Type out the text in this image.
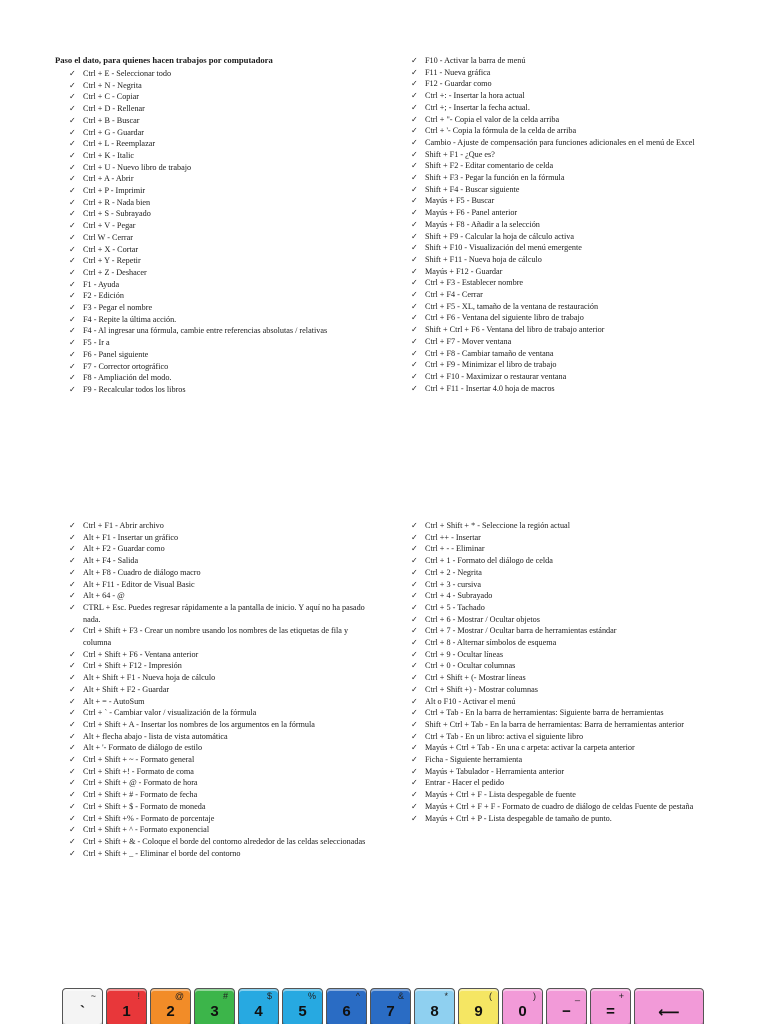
Paso el dato, para quienes hacen trabajos por computadora
✓ Ctrl + E - Seleccionar todo
✓ Ctrl + N - Negrita
✓ Ctrl + C - Copiar
✓ Ctrl + D - Rellenar
✓ Ctrl + B - Buscar
✓ Ctrl + G - Guardar
✓ Ctrl + L - Reemplazar
✓ Ctrl + K - Italic
✓ Ctrl + U - Nuevo libro de trabajo
✓ Ctrl + A - Abrir
✓ Ctrl + P - Imprimir
✓ Ctrl + R - Nada bien
✓ Ctrl + S - Subrayado
✓ Ctrl + V - Pegar
✓ Ctrl W - Cerrar
✓ Ctrl + X - Cortar
✓ Ctrl + Y - Repetir
✓ Ctrl + Z - Deshacer
✓ F1 - Ayuda
✓ F2 - Edición
✓ F3 - Pegar el nombre
✓ F4 - Repite la última acción.
✓ F4 - Al ingresar una fórmula, cambie entre referencias absolutas / relativas
✓ F5 - Ir a
✓ F6 - Panel siguiente
✓ F7 - Corrector ortográfico
✓ F8 - Ampliación del modo.
✓ F9 - Recalcular todos los libros
✓ F10 - Activar la barra de menú
✓ F11 - Nueva gráfica
✓ F12 - Guardar como
✓ Ctrl +: - Insertar la hora actual
✓ Ctrl +; - Insertar la fecha actual.
✓ Ctrl + "- Copia el valor de la celda arriba
✓ Ctrl + '- Copia la fórmula de la celda de arriba
✓ Cambio - Ajuste de compensación para funciones adicionales en el menú de Excel
✓ Shift + F1 - ¿Que es?
✓ Shift + F2 - Editar comentario de celda
✓ Shift + F3 - Pegar la función en la fórmula
✓ Shift + F4 - Buscar siguiente
✓ Mayús + F5 - Buscar
✓ Mayús + F6 - Panel anterior
✓ Mayús + F8 - Añadir a la selección
✓ Shift + F9 - Calcular la hoja de cálculo activa
✓ Shift + F10 - Visualización del menú emergente
✓ Shift + F11 - Nueva hoja de cálculo
✓ Mayús + F12 - Guardar
✓ Ctrl + F3 - Establecer nombre
✓ Ctrl + F4 - Cerrar
✓ Ctrl + F5 - XL, tamaño de la ventana de restauración
✓ Ctrl + F6 - Ventana del siguiente libro de trabajo
✓ Shift + Ctrl + F6 - Ventana del libro de trabajo anterior
✓ Ctrl + F7 - Mover ventana
✓ Ctrl + F8 - Cambiar tamaño de ventana
✓ Ctrl + F9 - Minimizar el libro de trabajo
✓ Ctrl + F10 - Maximizar o restaurar ventana
✓ Ctrl + F11 - Insertar 4.0 hoja de macros
✓ Ctrl + F1 - Abrir archivo
✓ Alt + F1 - Insertar un gráfico
✓ Alt + F2 - Guardar como
✓ Alt + F4 - Salida
✓ Alt + F8 - Cuadro de diálogo macro
✓ Alt + F11 - Editor de Visual Basic
✓ Alt + 64 - @
✓ CTRL + Esc. Puedes regresar rápidamente a la pantalla de inicio. Y aquí no ha pasado nada.
✓ Ctrl + Shift + F3 - Crear un nombre usando los nombres de las etiquetas de fila y columna
✓ Ctrl + Shift + F6 - Ventana anterior
✓ Ctrl + Shift + F12 - Impresión
✓ Alt + Shift + F1 - Nueva hoja de cálculo
✓ Alt + Shift + F2 - Guardar
✓ Alt + = - AutoSum
✓ Ctrl + ` - Cambiar valor / visualización de la fórmula
✓ Ctrl + Shift + A - Insertar los nombres de los argumentos en la fórmula
✓ Alt + flecha abajo - lista de vista automática
✓ Alt + '- Formato de diálogo de estilo
✓ Ctrl + Shift + ~ - Formato general
✓ Ctrl + Shift +! - Formato de coma
✓ Ctrl + Shift + @ - Formato de hora
✓ Ctrl + Shift + # - Formato de fecha
✓ Ctrl + Shift + $ - Formato de moneda
✓ Ctrl + Shift +% - Formato de porcentaje
✓ Ctrl + Shift + ^ - Formato exponencial
✓ Ctrl + Shift + & - Coloque el borde del contorno alrededor de las celdas seleccionadas
✓ Ctrl + Shift + _ - Eliminar el borde del contorno
✓ Ctrl + Shift + * - Seleccione la región actual
✓ Ctrl ++ - Insertar
✓ Ctrl + - - Eliminar
✓ Ctrl + 1 - Formato del diálogo de celda
✓ Ctrl + 2 - Negrita
✓ Ctrl + 3 - cursiva
✓ Ctrl + 4 - Subrayado
✓ Ctrl + 5 - Tachado
✓ Ctrl + 6 - Mostrar / Ocultar objetos
✓ Ctrl + 7 - Mostrar / Ocultar barra de herramientas estándar
✓ Ctrl + 8 - Alternar símbolos de esquema
✓ Ctrl + 9 - Ocultar líneas
✓ Ctrl + 0 - Ocultar columnas
✓ Ctrl + Shift + (- Mostrar líneas
✓ Ctrl + Shift +) - Mostrar columnas
✓ Alt o F10 - Activar el menú
✓ Ctrl + Tab - En la barra de herramientas: Siguiente barra de herramientas
✓ Shift + Ctrl + Tab - En la barra de herramientas: Barra de herramientas anterior
✓ Ctrl + Tab - En un libro: activa el siguiente libro
✓ Mayús + Ctrl + Tab - En una c arpeta: activar la carpeta anterior
✓ Ficha - Siguiente herramienta
✓ Mayús + Tabulador - Herramienta anterior
✓ Entrar - Hacer el pedido
✓ Mayús + Ctrl + F - Lista despegable de fuente
✓ Mayús + Ctrl + F + F - Formato de cuadro de diálogo de celdas Fuente de pestaña
✓ Mayús + Ctrl + P - Lista despegable de tamaño de punto.
~
`
!
1
@
2
#
3
$
4
%
5
^
6
&
7
*
8
(
9
)
0
_
−
+
=	⟵
